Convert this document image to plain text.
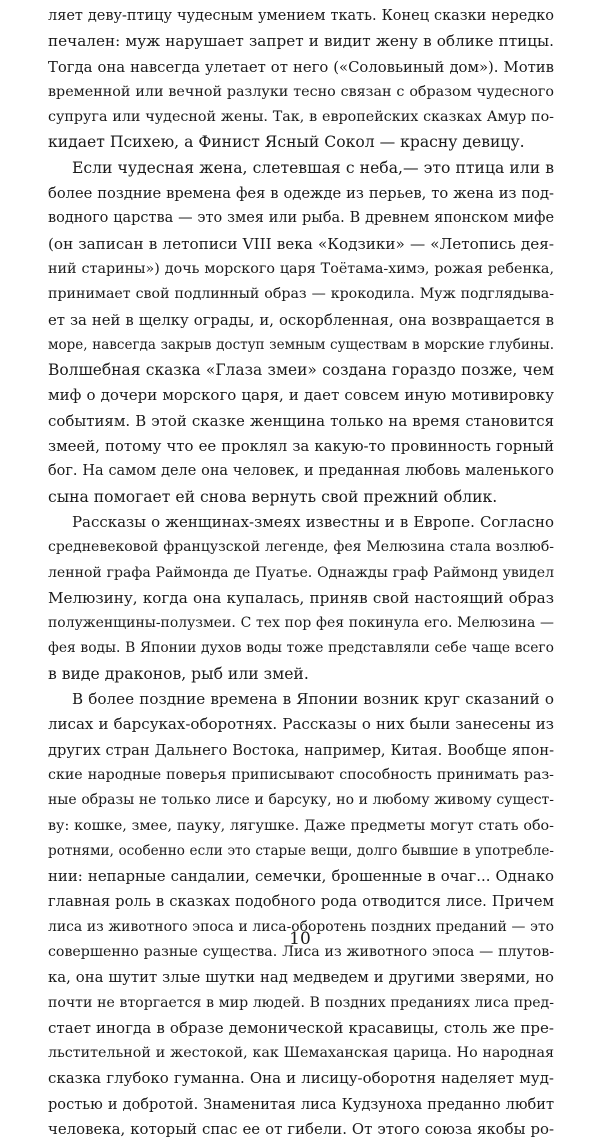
ляет деву-птицу чудесным умением ткать. Конец сказки нередко
печален: муж нарушает запрет и видит жену в облике птицы.
Тогда она навсегда улетает от него («Соловьиный дом»). Мотив
временной или вечной разлуки тесно связан с образом чудесного
супруга или чудесной жены. Так, в европейских сказках Амур по-
кидает Психею, а Финист Ясный Сокол — красну девицу.
Если чудесная жена, слетевшая с неба,— это птица или в
более поздние времена фея в одежде из перьев, то жена из под-
водного царства — это змея или рыба. В древнем японском мифе
(он записан в летописи VIII века «Кодзики» — «Летопись дея-
ний старины») дочь морского царя Тоётама-химэ, рожая ребенка,
принимает свой подлинный образ — крокодила. Муж подглядыва-
ет за ней в щелку ограды, и, оскорбленная, она возвращается в
море, навсегда закрыв доступ земным существам в морские глубины.
Волшебная сказка «Глаза змеи» создана гораздо позже, чем
миф о дочери морского царя, и дает совсем иную мотивировку
событиям. В этой сказке женщина только на время становится
змеей, потому что ее проклял за какую-то провинность горный
бог. На самом деле она человек, и преданная любовь маленького
сына помогает ей снова вернуть свой прежний облик.
Рассказы о женщинах-змеях известны и в Европе. Согласно
средневековой французской легенде, фея Мелюзина стала возлюб-
ленной графа Раймонда де Пуатье. Однажды граф Раймонд увидел
Мелюзину, когда она купалась, приняв свой настоящий образ
полуженщины-полузмеи. С тех пор фея покинула его. Мелюзина —
фея воды. В Японии духов воды тоже представляли себе чаще всего
в виде драконов, рыб или змей.
В более поздние времена в Японии возник круг сказаний о
лисах и барсуках-оборотнях. Рассказы о них были занесены из
других стран Дальнего Востока, например, Китая. Вообще япон-
ские народные поверья приписывают способность принимать раз-
ные образы не только лисе и барсуку, но и любому живому сущест-
ву: кошке, змее, пауку, лягушке. Даже предметы могут стать обо-
ротнями, особенно если это старые вещи, долго бывшие в употребле-
нии: непарные сандалии, семечки, брошенные в очаг... Однако
главная роль в сказках подобного рода отводится лисе. Причем
лиса из животного эпоса и лиса-оборотень поздних преданий — это
совершенно разные существа. Лиса из животного эпоса — плутов-
ка, она шутит злые шутки над медведем и другими зверями, но
почти не вторгается в мир людей. В поздних преданиях лиса пред-
стает иногда в образе демонической красавицы, столь же пре-
льстительной и жестокой, как Шемаханская царица. Но народная
сказка глубоко гуманна. Она и лисицу-оборотня наделяет муд-
ростью и добротой. Знаменитая лиса Кудзуноха преданно любит
человека, который спас ее от гибели. От этого союза якобы ро-
10
